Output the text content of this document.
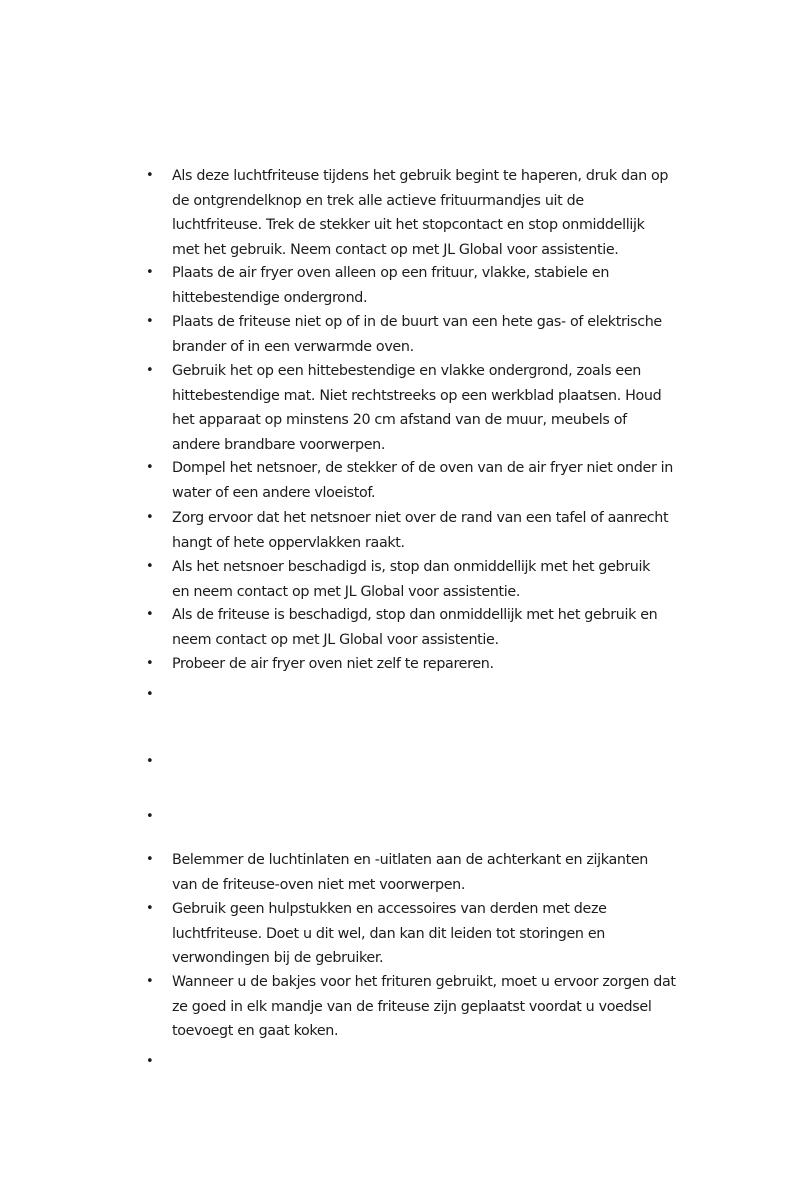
• Als deze luchtfriteuse tijdens het gebruik begint te haperen, druk dan op
de ontgrendelknop en trek alle actieve frituurmandjes uit de
luchtfriteuse. Trek de stekker uit het stopcontact en stop onmiddellijk
met het gebruik. Neem contact op met JL Global voor assistentie.
• Plaats de air fryer oven alleen op een frituur, vlakke, stabiele en
hittebestendige ondergrond.
• Plaats de friteuse niet op of in de buurt van een hete gas- of elektrische
brander of in een verwarmde oven.
• Gebruik het op een hittebestendige en vlakke ondergrond, zoals een
hittebestendige mat. Niet rechtstreeks op een werkblad plaatsen. Houd
het apparaat op minstens 20 cm afstand van de muur, meubels of
andere brandbare voorwerpen.
• Dompel het netsnoer, de stekker of de oven van de air fryer niet onder in
water of een andere vloeistof.
• Zorg ervoor dat het netsnoer niet over de rand van een tafel of aanrecht
hangt of hete oppervlakken raakt.
• Als het netsnoer beschadigd is, stop dan onmiddellijk met het gebruik
en neem contact op met JL Global voor assistentie.
• Als de friteuse is beschadigd, stop dan onmiddellijk met het gebruik en
neem contact op met JL Global voor assistentie.
• Probeer de air fryer oven niet zelf te repareren.
•
•
•
• Belemmer de luchtinlaten en -uitlaten aan de achterkant en zijkanten
van de friteuse-oven niet met voorwerpen.
• Gebruik geen hulpstukken en accessoires van derden met deze
luchtfriteuse. Doet u dit wel, dan kan dit leiden tot storingen en
verwondingen bij de gebruiker.
• Wanneer u de bakjes voor het frituren gebruikt, moet u ervoor zorgen dat
ze goed in elk mandje van de friteuse zijn geplaatst voordat u voedsel
toevoegt en gaat koken.
•
